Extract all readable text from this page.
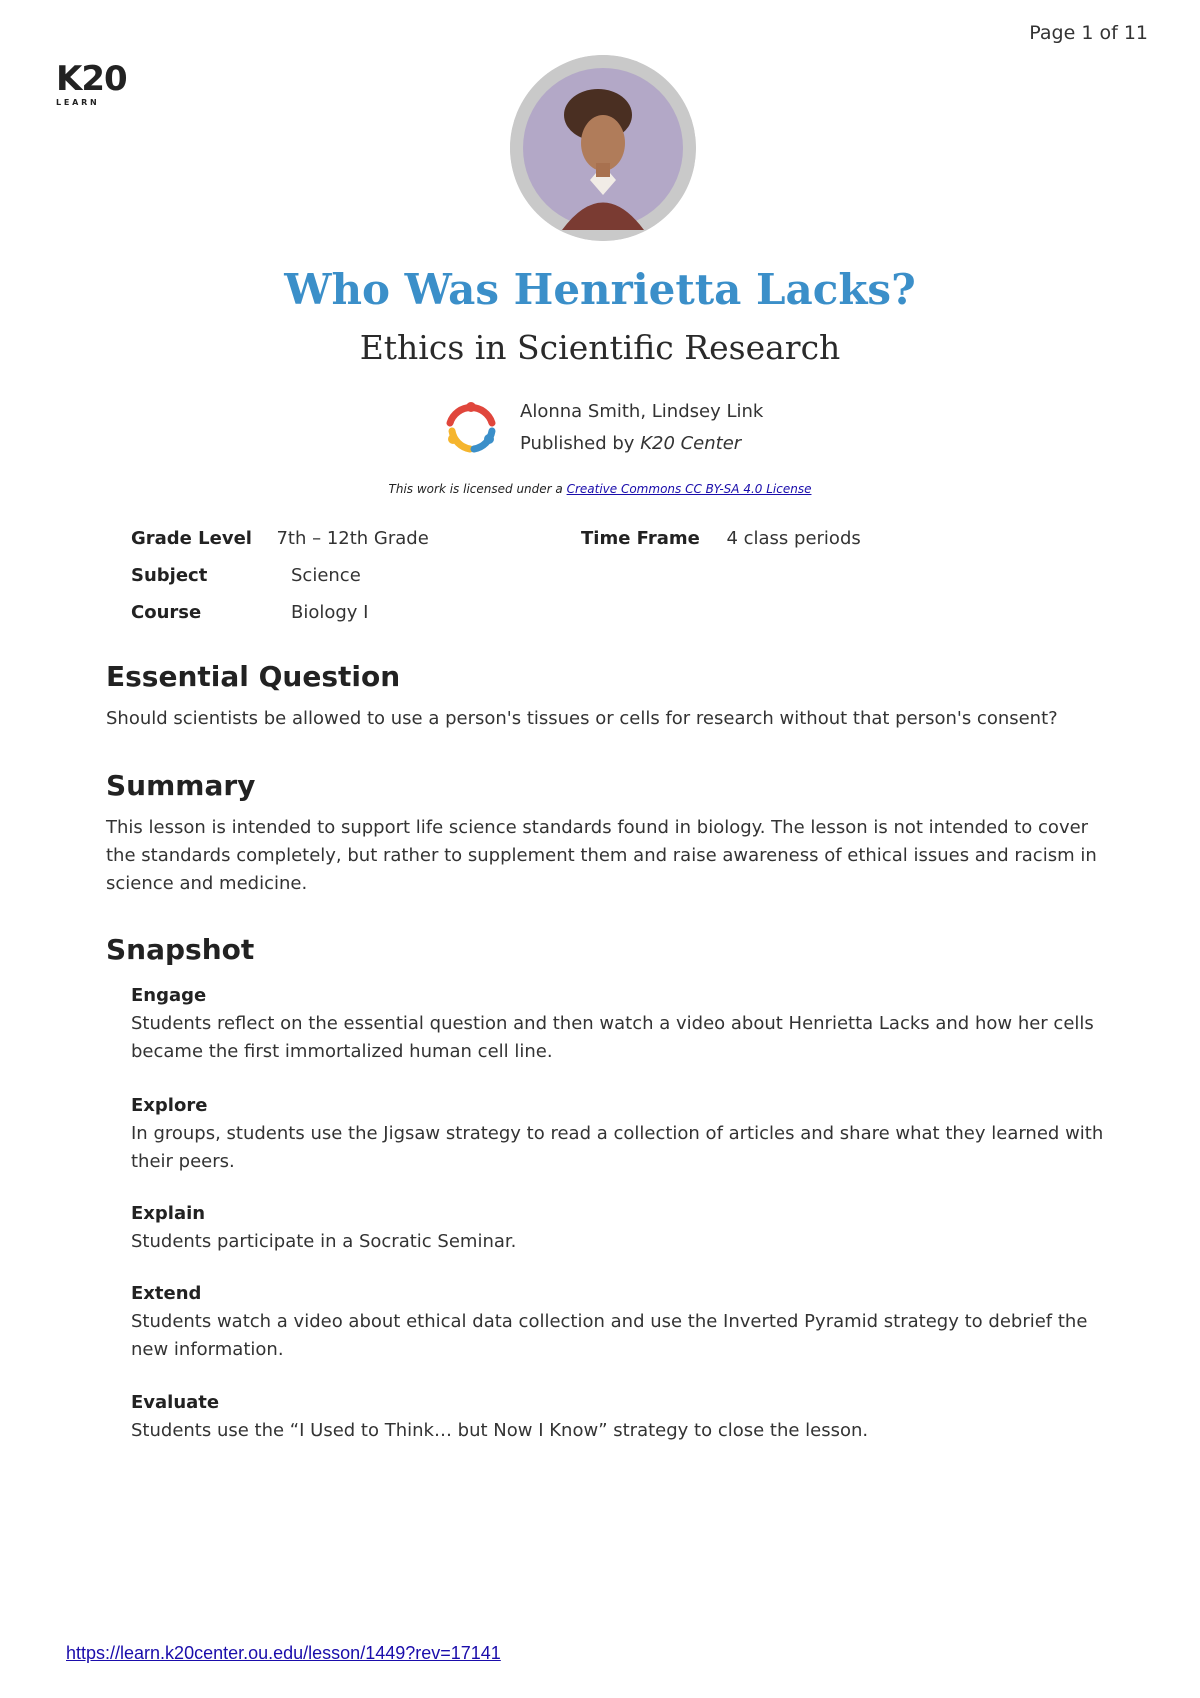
Page 1 of 11
K20
L E A R N
Who Was Henrietta Lacks?
Ethics in Scientific Research
Alonna Smith, Lindsey Link
Published by K20 Center
This work is licensed under a Creative Commons CC BY-SA 4.0 License
Grade Level	7th – 12th Grade	Time Frame	4 class periods
Subject	Science
Course	Biology I
Essential Question

Should scientists be allowed to use a person's tissues or cells for research without that person's consent?

Summary

This lesson is intended to support life science standards found in biology. The lesson is not intended to cover the standards completely, but rather to supplement them and raise awareness of ethical issues and racism in science and medicine.

Snapshot
Engage

Students reflect on the essential question and then watch a video about Henrietta Lacks and how her cells became the first immortalized human cell line.

Explore

In groups, students use the Jigsaw strategy to read a collection of articles and share what they learned with their peers.

Explain

Students participate in a Socratic Seminar.

Extend

Students watch a video about ethical data collection and use the Inverted Pyramid strategy to debrief the new information.

Evaluate

Students use the “I Used to Think… but Now I Know” strategy to close the lesson.

https://learn.k20center.ou.edu/lesson/1449?rev=17141
